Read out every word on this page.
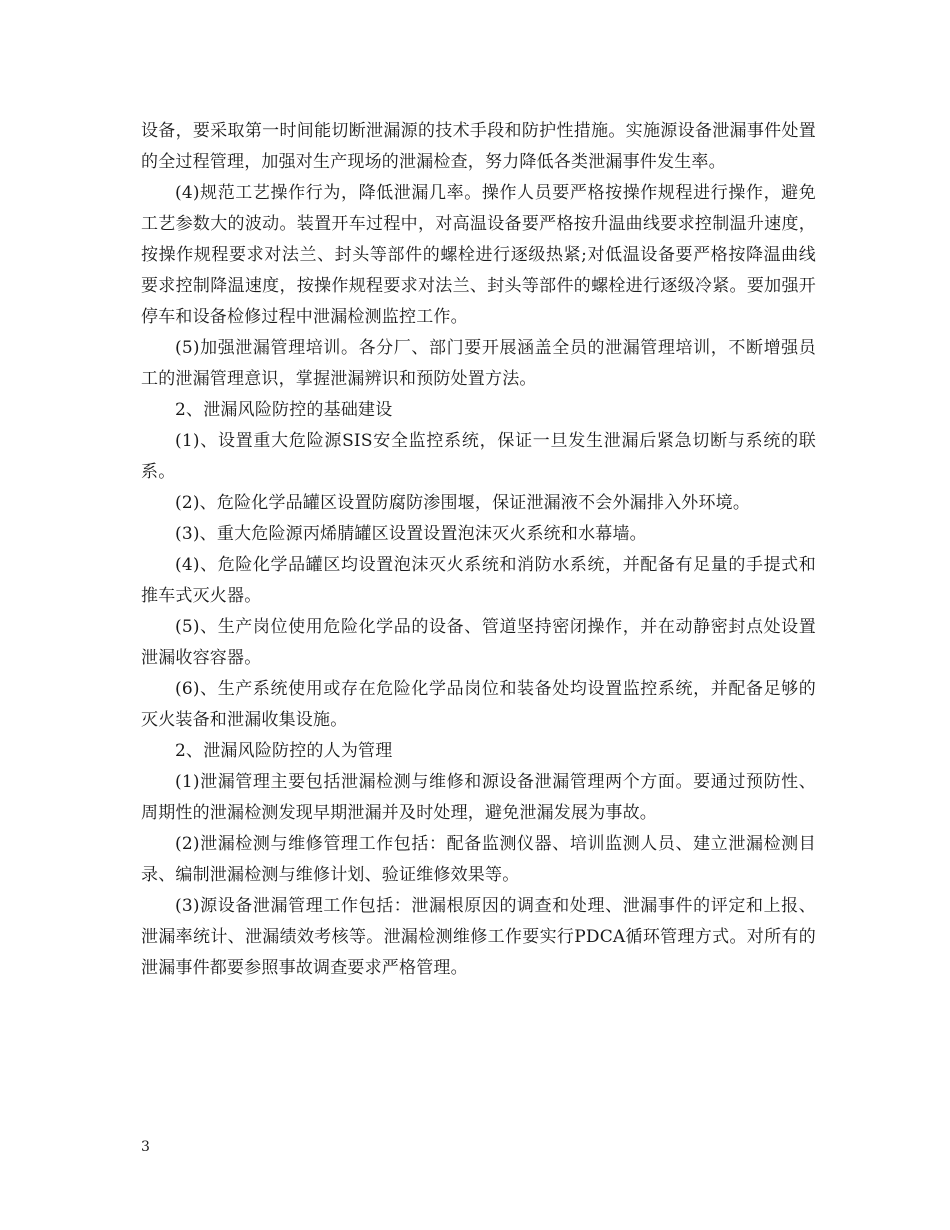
设备，要采取第一时间能切断泄漏源的技术手段和防护性措施。实施源设备泄漏事件处置的全过程管理，加强对生产现场的泄漏检查，努力降低各类泄漏事件发生率。

(4)规范工艺操作行为，降低泄漏几率。操作人员要严格按操作规程进行操作，避免工艺参数大的波动。装置开车过程中，对高温设备要严格按升温曲线要求控制温升速度，按操作规程要求对法兰、封头等部件的螺栓进行逐级热紧;对低温设备要严格按降温曲线要求控制降温速度，按操作规程要求对法兰、封头等部件的螺栓进行逐级冷紧。要加强开停车和设备检修过程中泄漏检测监控工作。

(5)加强泄漏管理培训。各分厂、部门要开展涵盖全员的泄漏管理培训，不断增强员工的泄漏管理意识，掌握泄漏辨识和预防处置方法。

2、泄漏风险防控的基础建设

(1)、设置重大危险源SIS安全监控系统，保证一旦发生泄漏后紧急切断与系统的联系。

(2)、危险化学品罐区设置防腐防渗围堰，保证泄漏液不会外漏排入外环境。

(3)、重大危险源丙烯腈罐区设置设置泡沫灭火系统和水幕墙。

(4)、危险化学品罐区均设置泡沫灭火系统和消防水系统，并配备有足量的手提式和推车式灭火器。

(5)、生产岗位使用危险化学品的设备、管道坚持密闭操作，并在动静密封点处设置泄漏收容容器。

(6)、生产系统使用或存在危险化学品岗位和装备处均设置监控系统，并配备足够的灭火装备和泄漏收集设施。

2、泄漏风险防控的人为管理

(1)泄漏管理主要包括泄漏检测与维修和源设备泄漏管理两个方面。要通过预防性、周期性的泄漏检测发现早期泄漏并及时处理，避免泄漏发展为事故。

(2)泄漏检测与维修管理工作包括：配备监测仪器、培训监测人员、建立泄漏检测目录、编制泄漏检测与维修计划、验证维修效果等。

(3)源设备泄漏管理工作包括：泄漏根原因的调查和处理、泄漏事件的评定和上报、泄漏率统计、泄漏绩效考核等。泄漏检测维修工作要实行PDCA循环管理方式。对所有的泄漏事件都要参照事故调查要求严格管理。

3
